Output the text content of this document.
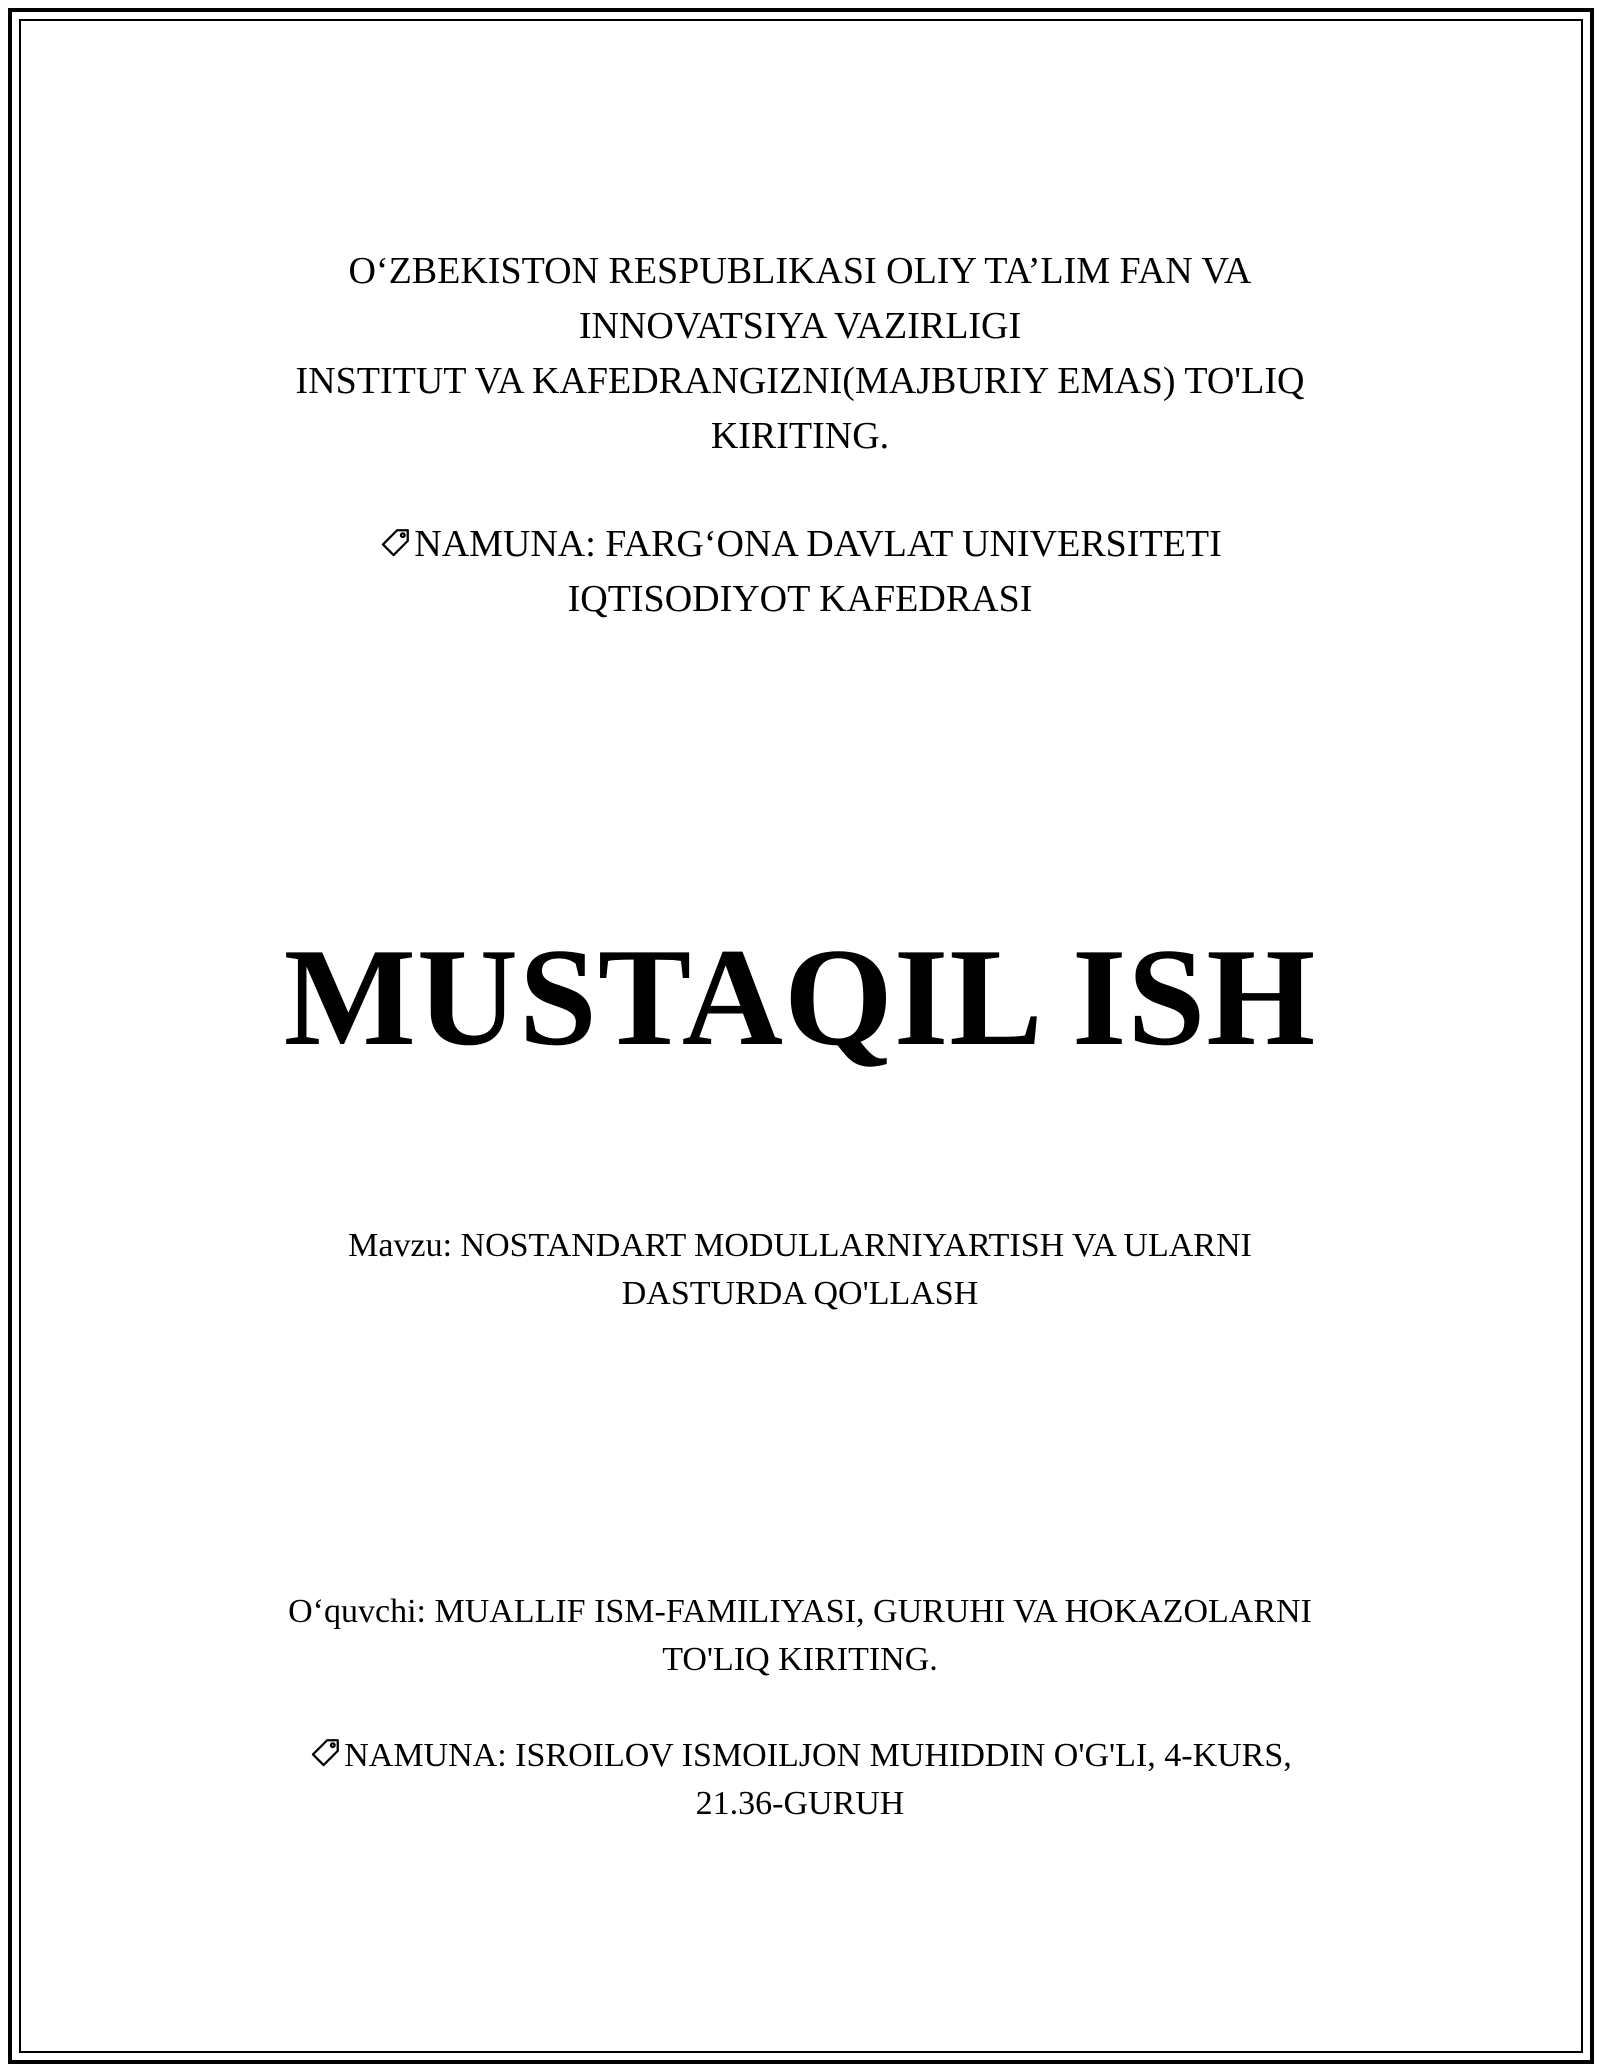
O‘ZBEKISTON RESPUBLIKASI OLIY TA’LIM FAN VA

INNOVATSIYA VAZIRLIGI

INSTITUT VA KAFEDRANGIZNI(MAJBURIY EMAS) TO'LIQ

KIRITING.

NAMUNA: FARG‘ONA DAVLAT UNIVERSITETI

IQTISODIYOT KAFEDRASI

MUSTAQIL ISH

Mavzu: NOSTANDART MODULLARNIYARTISH VA ULARNI

DASTURDA QO'LLASH

O‘quvchi: MUALLIF ISM-FAMILIYASI, GURUHI VA HOKAZOLARNI

TO'LIQ KIRITING.

NAMUNA: ISROILOV ISMOILJON MUHIDDIN O'G'LI, 4-KURS,

21.36-GURUH
